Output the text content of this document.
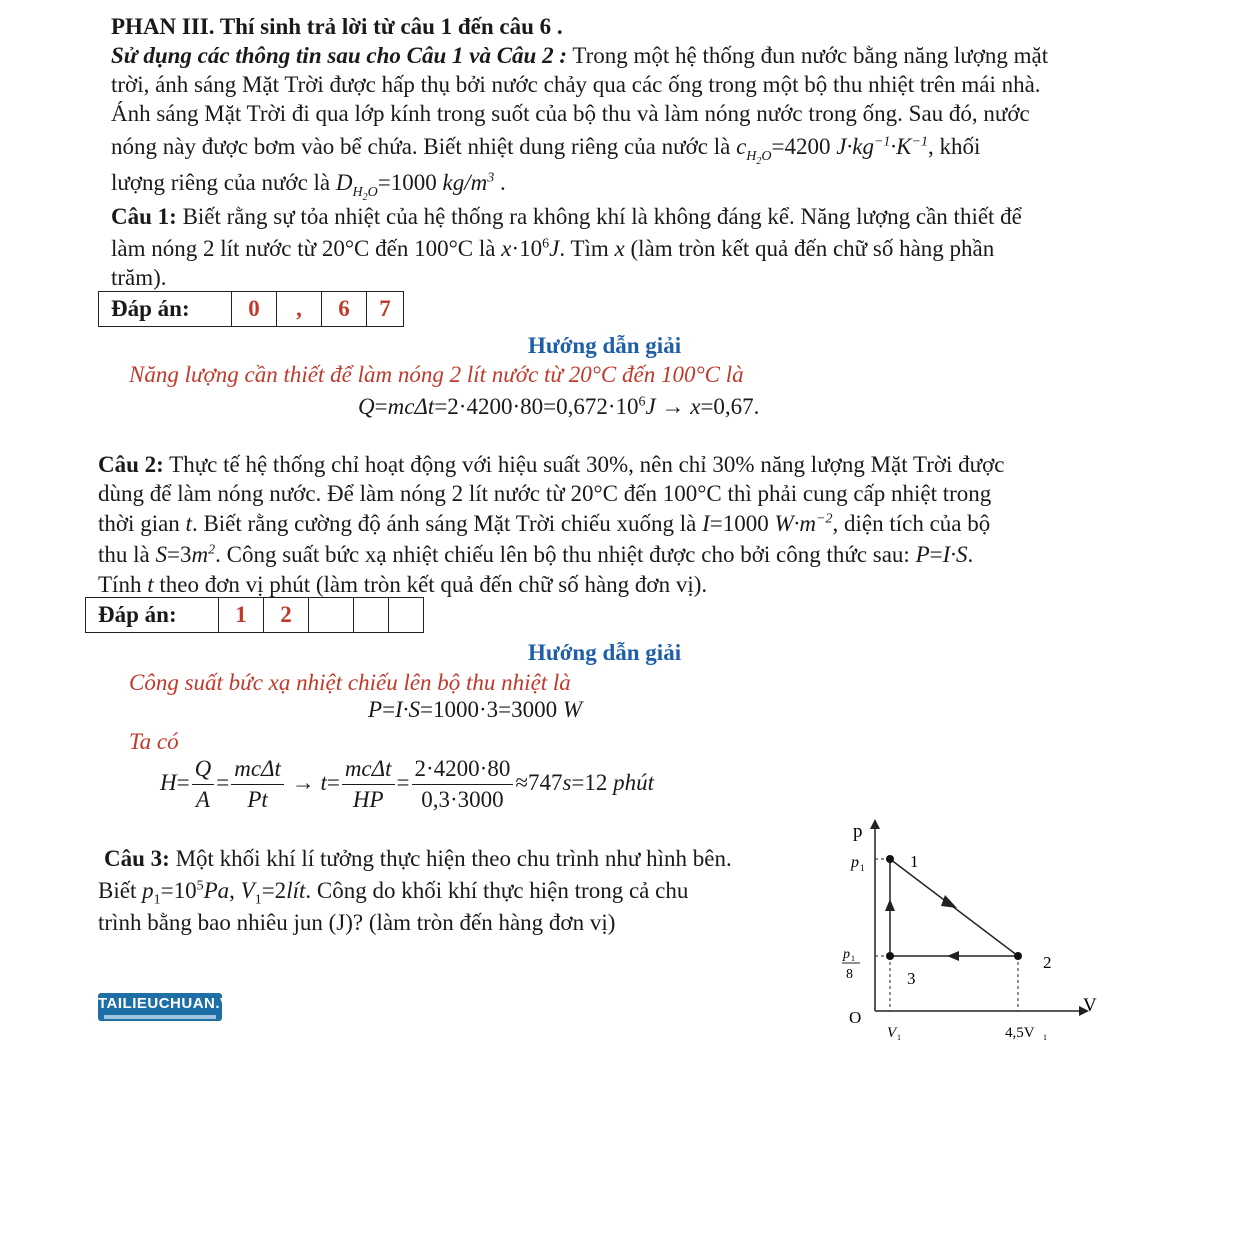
PHAN III. Thí sinh trả lời từ câu 1 đến câu 6 .
Sử dụng các thông tin sau cho Câu 1 và Câu 2 : Trong một hệ thống đun nước bằng năng lượng mặt
trời, ánh sáng Mặt Trời được hấp thụ bởi nước chảy qua các ống trong một bộ thu nhiệt trên mái nhà.
Ánh sáng Mặt Trời đi qua lớp kính trong suốt của bộ thu và làm nóng nước trong ống. Sau đó, nước
nóng này được bơm vào bể chứa. Biết nhiệt dung riêng của nước là $c_{H_2O}=4200$ $J\cdot kg^{-1}\cdot K^{-1}$, khối
lượng riêng của nước là $D_{H_2O}=1000$ $kg/m^3$ .
Câu 1: Biết rằng sự tỏa nhiệt của hệ thống ra không khí là không đáng kể. Năng lượng cần thiết để
làm nóng 2 lít nước từ 20°C đến 100°C là $x\cdot 10^6J$. Tìm x (làm tròn kết quả đến chữ số hàng phần
trăm).
Đáp án:	0	,	6	7
Hướng dẫn giải
Năng lượng cần thiết để làm nóng 2 lít nước từ 20°C đến 100°C là
$Q=mc\Delta t=2\cdot 4200\cdot 80=0,672\cdot 10^6J \to x=0,67$.
Câu 2: Thực tế hệ thống chỉ hoạt động với hiệu suất 30%, nên chỉ 30% năng lượng Mặt Trời được
dùng để làm nóng nước. Để làm nóng 2 lít nước từ 20°C đến 100°C thì phải cung cấp nhiệt trong
thời gian t. Biết rằng cường độ ánh sáng Mặt Trời chiếu xuống là I=1000 $W\cdot m^{-2}$, diện tích của bộ
thu là $S=3m^2$. Công suất bức xạ nhiệt chiếu lên bộ thu nhiệt được cho bởi công thức sau: P=I·S.
Tính t theo đơn vị phút (làm tròn kết quả đến chữ số hàng đơn vị).
Đáp án:	1	2			
Hướng dẫn giải
Công suất bức xạ nhiệt chiếu lên bộ thu nhiệt là
P=I·S=1000·3=3000 W
Ta có
$H= \frac{Q}{A} = \frac{\text{mcΔt}}{Pt} \to t= \frac{\text{mcΔt}}{HP} = \frac{2\cdot 4200\cdot 80}{0,3\cdot 3000} \approx 747s=12$ phút
Câu 3: Một khối khí lí tưởng thực hiện theo chu trình như hình bên.
Biết $p_1=10^5Pa$, $V_1=2lít$. Công do khối khí thực hiện trong cả chu
trình bằng bao nhiêu jun (J)? (làm tròn đến hàng đơn vị)
TAILIEUCHUAN.VN
p
V
O
p 1
p 1
8
V 1	4,5V 1
1
2
3
